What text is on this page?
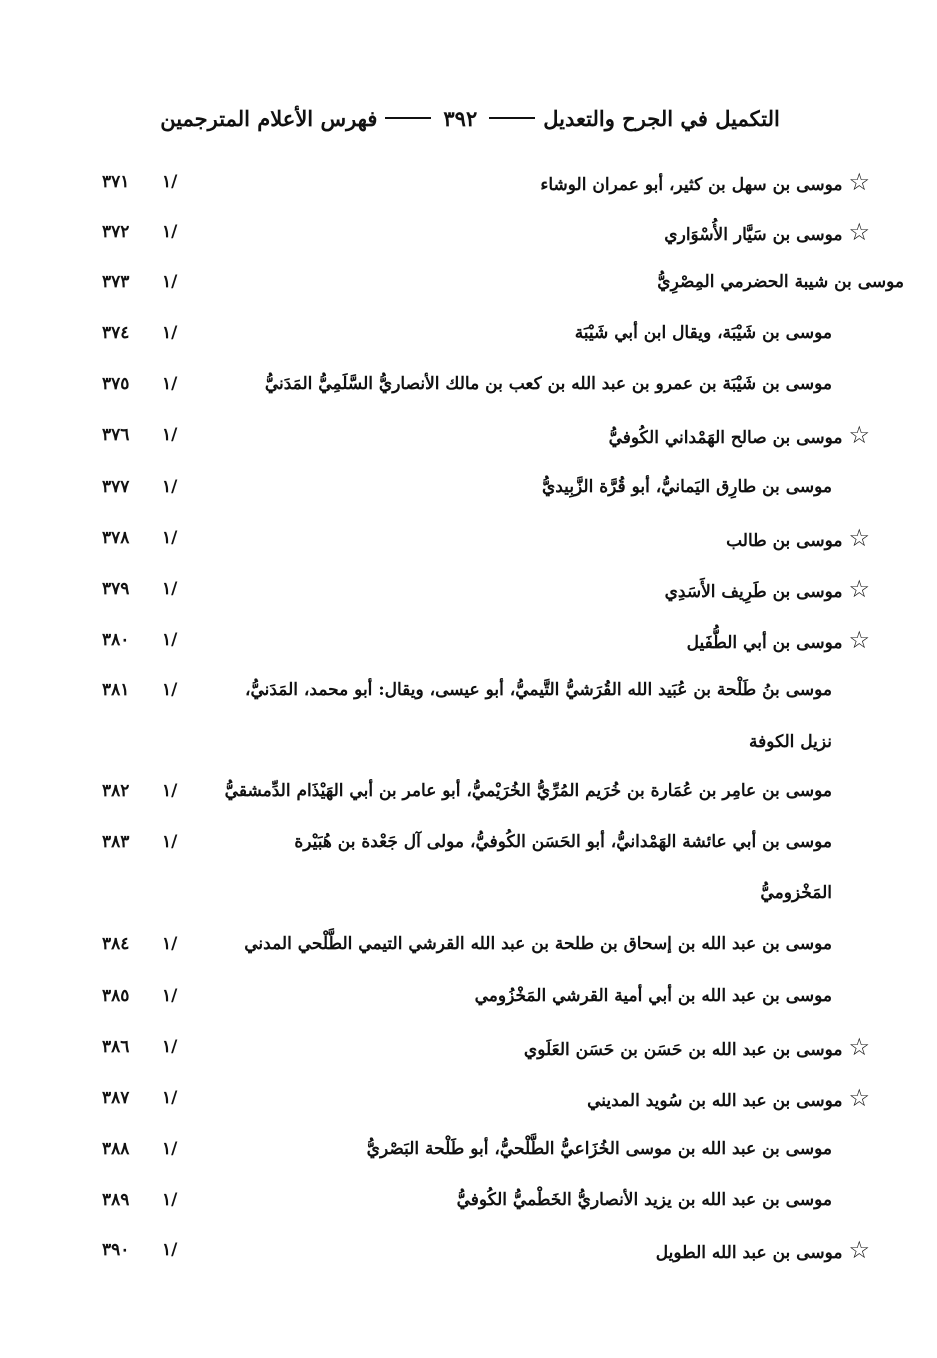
التكميل في الجرح والتعديل
٣٩٢
فهرس الأعلام المترجمين
☆موسى بن سهل بن كثير، أبو عمران الوشاء
٣٧١ ١/
☆موسى بن سَيَّار الأُسْوَاري
٣٧٢ ١/
موسى بن شيبة الحضرمي المِصْرِيُّ
٣٧٣ ١/
موسى بن شَيْبَة، ويقال ابن أبي شَيْبَة
٣٧٤ ١/
موسى بن شَيْبَة بن عمرو بن عبد الله بن كعب بن مالك الأنصاريُّ السَّلَمِيُّ المَدَنيُّ
٣٧٥ ١/
☆موسى بن صالح الهَمْداني الكُوفيُّ
٣٧٦ ١/
موسى بن طارِق اليَمانيُّ، أبو قُرَّة الزَّبِيديُّ
٣٧٧ ١/
☆موسى بن طالب
٣٧٨ ١/
☆موسى بن طَرِيف الأَسَدِي
٣٧٩ ١/
☆موسى بن أبي الطُّفَيل
٣٨٠ ١/
موسى بنُ طَلْحة بن عُبَيد الله القُرَشيُّ التَّيميُّ، أبو عيسى، ويقال: أبو محمد، المَدَنيُّ،
٣٨١ ١/
نزيل الكوفة
موسى بن عامِر بن عُمَارة بن خُرَيم المُرِّيُّ الخُرَيْميُّ، أبو عامر بن أبي الهَيْذَام الدِّمشقيُّ
٣٨٢ ١/
موسى بن أبي عائشة الهَمْدانيُّ، أبو الحَسَن الكُوفيُّ، مولى آل جَعْدة بن هُبَيْرة
٣٨٣ ١/
المَخْزوميُّ
موسى بن عبد الله بن إسحاق بن طلحة بن عبد الله القرشي التيمي الطَّلْحي المدني
٣٨٤ ١/
موسى بن عبد الله بن أبي أمية القرشي المَخْزُومي
٣٨٥ ١/
☆موسى بن عبد الله بن حَسَن بن حَسَن العَلَوي
٣٨٦ ١/
☆موسى بن عبد الله بن سُويد المديني
٣٨٧ ١/
موسى بن عبد الله بن موسى الخُزَاعيُّ الطَّلْحيُّ، أبو طَلْحة البَصْريُّ
٣٨٨ ١/
موسى بن عبد الله بن يزيد الأنصاريُّ الخَطْميُّ الكُوفيُّ
٣٨٩ ١/
☆موسى بن عبد الله الطويل
٣٩٠ ١/
